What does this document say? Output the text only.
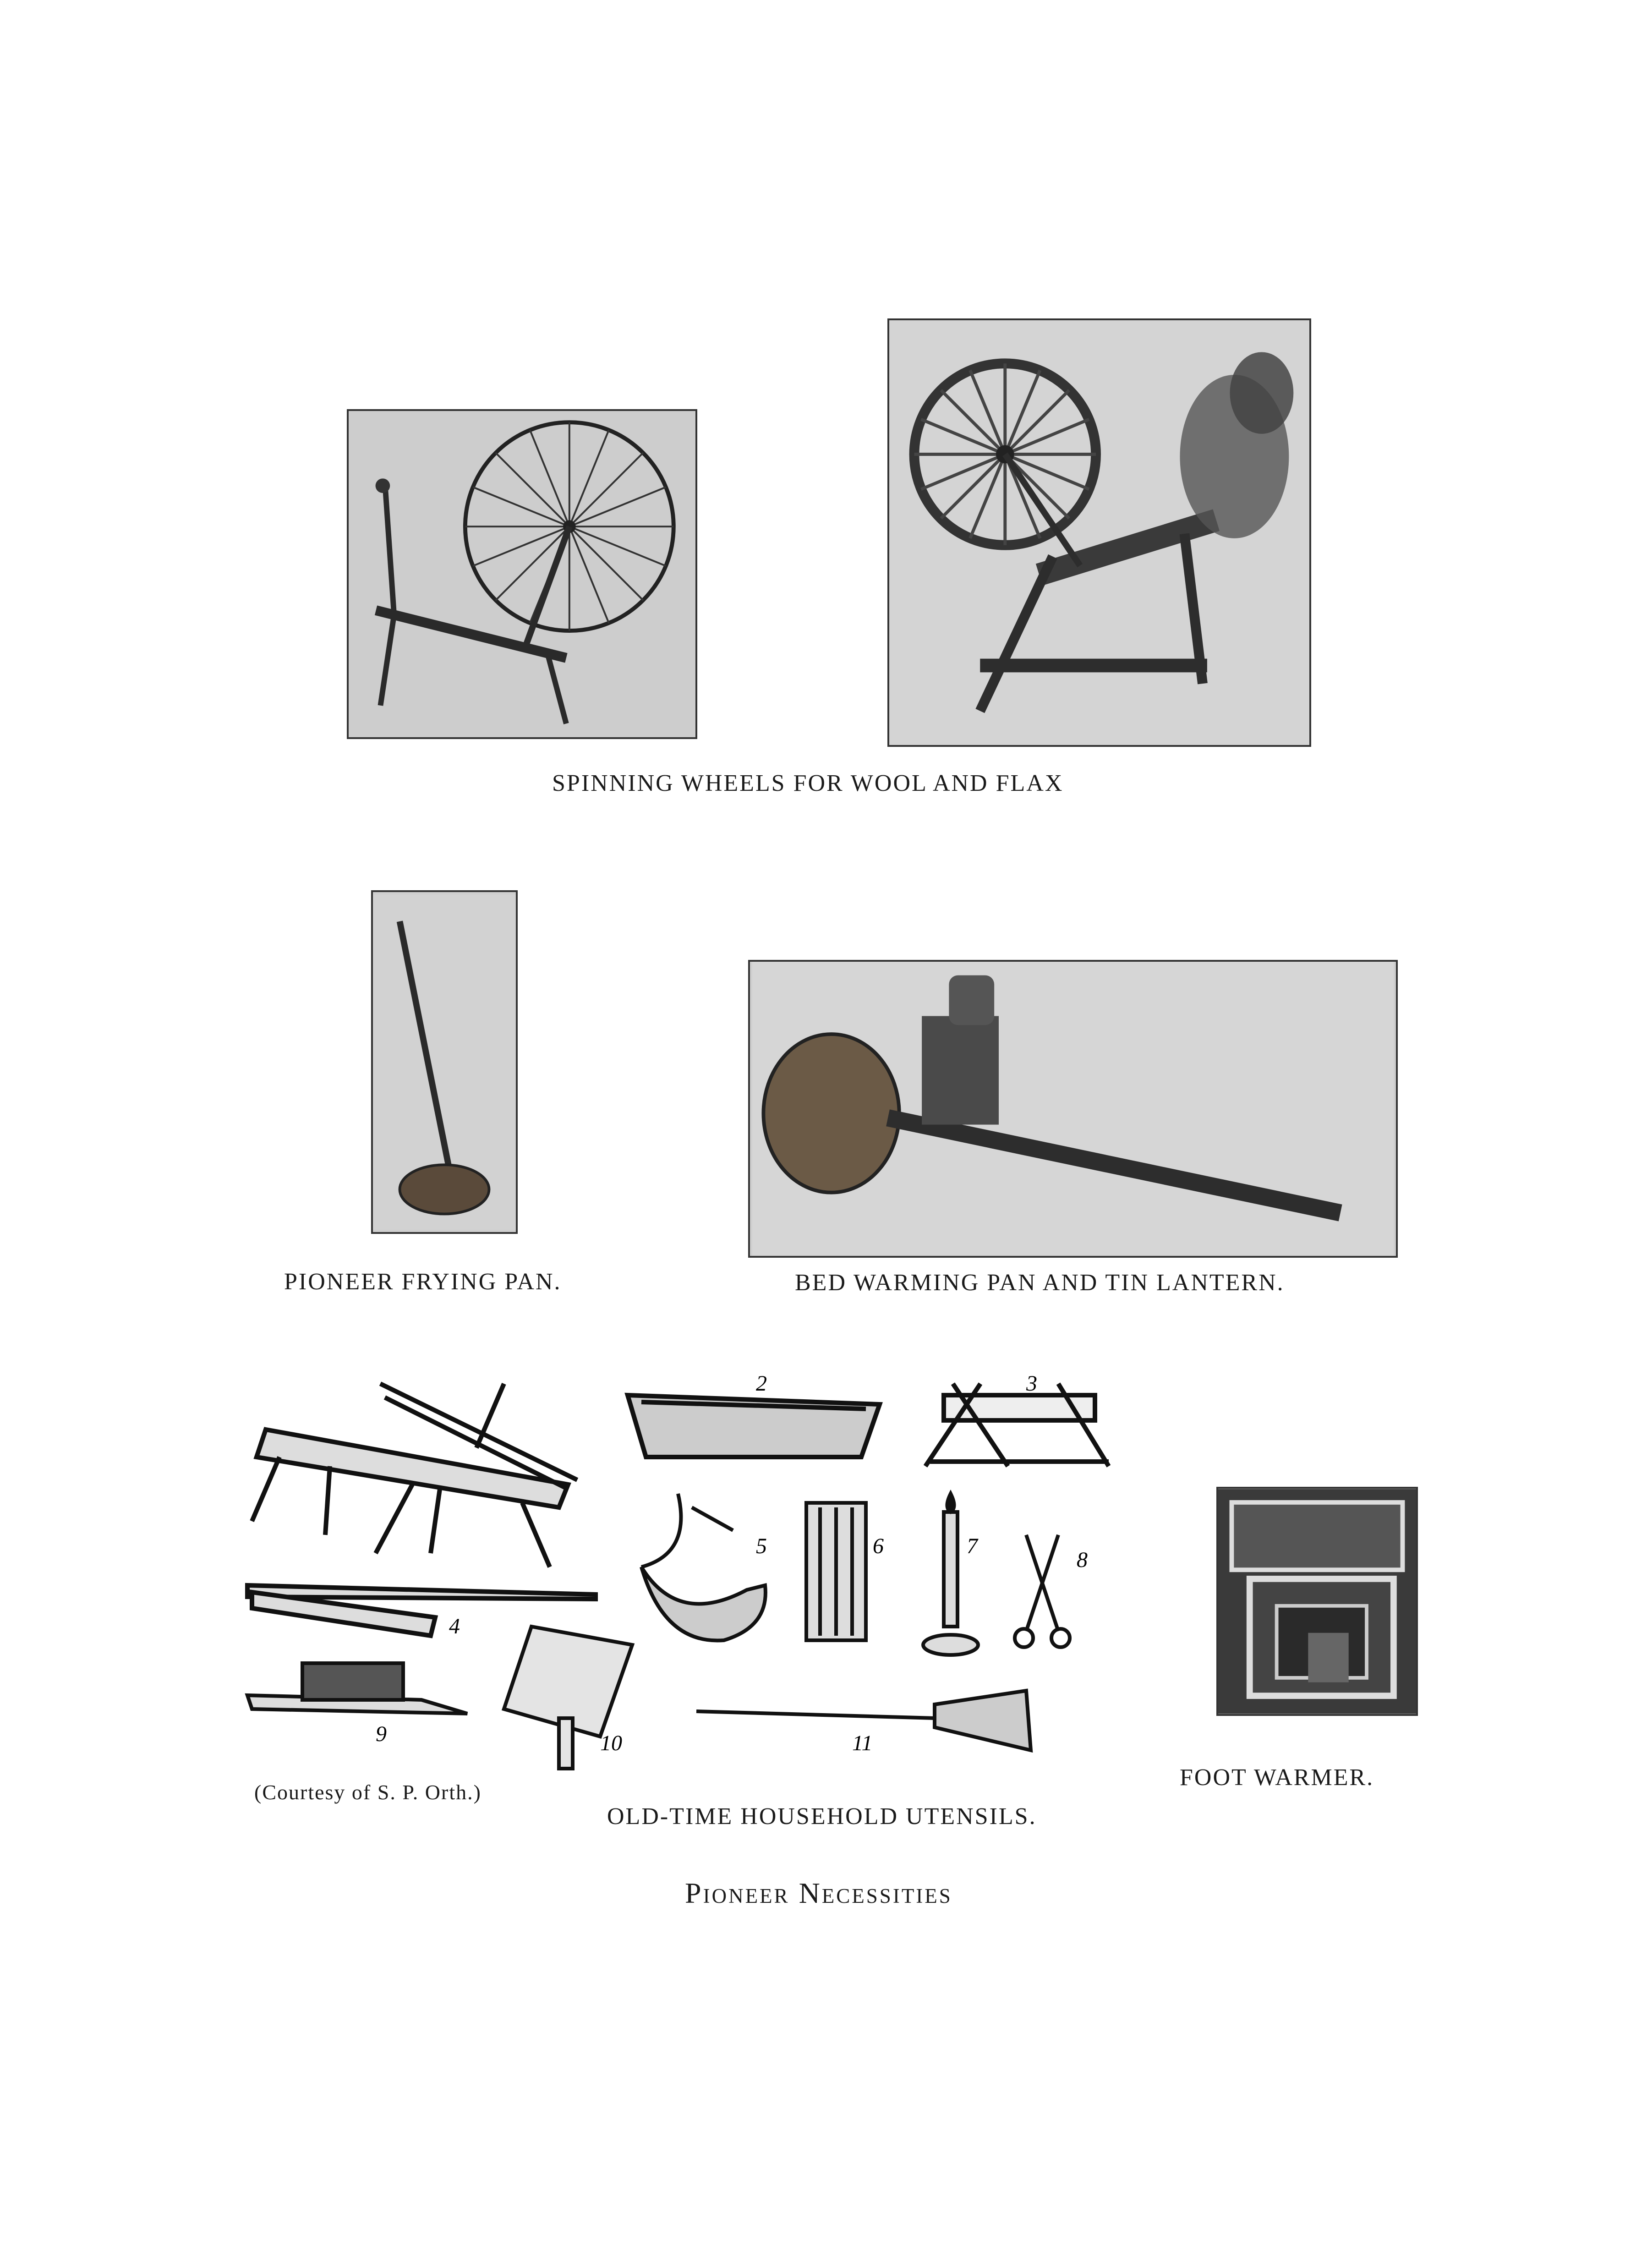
SPINNING WHEELS FOR WOOL AND FLAX
PIONEER FRYING PAN.	BED WARMING PAN AND TIN LANTERN.
2	3
4
5	6	7
8
9	10	11
(Courtesy of S. P. Orth.)
OLD-TIME HOUSEHOLD UTENSILS.
FOOT WARMER.
Pioneer Necessities
